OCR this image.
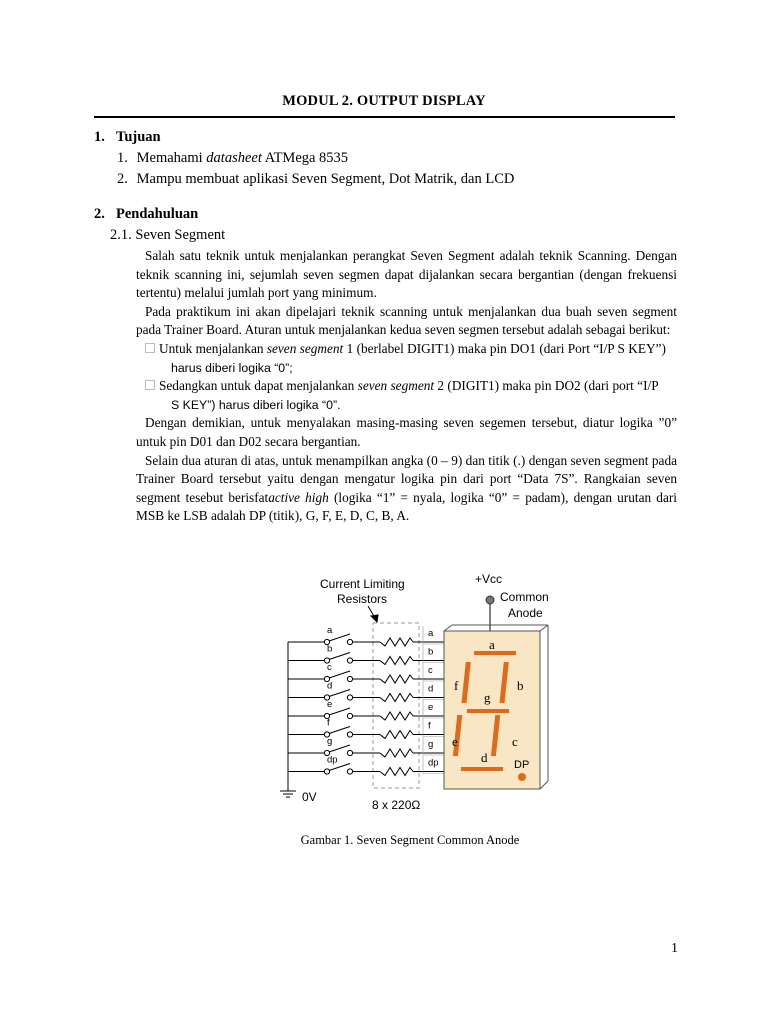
MODUL 2. OUTPUT DISPLAY
1. Tujuan
1. Memahami datasheet ATMega 8535
2. Mampu membuat aplikasi Seven Segment, Dot Matrik, dan LCD
2. Pendahuluan
2.1. Seven Segment

Salah satu teknik untuk menjalankan perangkat Seven Segment adalah teknik Scanning. Dengan teknik scanning ini, sejumlah seven segmen dapat dijalankan secara bergantian (dengan frekuensi tertentu) melalui jumlah port yang minimum.

Pada praktikum ini akan dipelajari teknik scanning untuk menjalankan dua buah seven segment pada Trainer Board. Aturan untuk menjalankan kedua seven segmen tersebut adalah sebagai berikut:

Untuk menjalankan seven segment 1 (berlabel DIGIT1) maka pin DO1 (dari Port “I/P S KEY”)
harus diberi logika “0”;

Sedangkan untuk dapat menjalankan seven segment 2 (DIGIT1) maka pin DO2 (dari port “I/P
S KEY”) harus diberi logika “0”.

Dengan demikian, untuk menyalakan masing-masing seven segemen tersebut, diatur logika ”0” untuk pin D01 dan D02 secara bergantian.

Selain dua aturan di atas, untuk menampilkan angka (0 – 9) dan titik (.) dengan seven segment pada Trainer Board tersebut yaitu dengan mengatur logika pin dari port “Data 7S”. Rangkaian seven segment tesebut berisfatactive high (logika “1” = nyala, logika “0” = padam), dengan urutan dari MSB ke LSB adalah DP (titik), G, F, E, D, C, B, A.

a	a
b	b
c	c
d	d
e	e
f	f
g	g
dp	dp
a
b
c
d
e
f
g
DP
Current Limiting
Resistors
+Vcc
Common
Anode
0V
8 x 220Ω
Gambar 1. Seven Segment Common Anode
1
